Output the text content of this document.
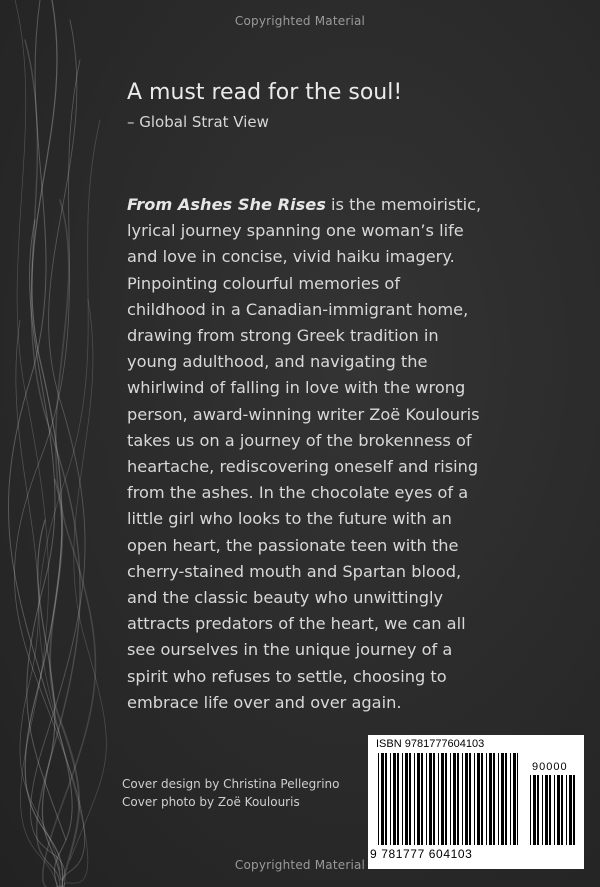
Copyrighted Material
A must read for the soul!
– Global Strat View
From Ashes She Rises is the memoiristic,
lyrical journey spanning one woman’s life
and love in concise, vivid haiku imagery.
Pinpointing colourful memories of
childhood in a Canadian-immigrant home,
drawing from strong Greek tradition in
young adulthood, and navigating the
whirlwind of falling in love with the wrong
person, award-winning writer Zoë Koulouris
takes us on a journey of the brokenness of
heartache, rediscovering oneself and rising
from the ashes. In the chocolate eyes of a
little girl who looks to the future with an
open heart, the passionate teen with the
cherry-stained mouth and Spartan blood,
and the classic beauty who unwittingly
attracts predators of the heart, we can all
see ourselves in the unique journey of a
spirit who refuses to settle, choosing to
embrace life over and over again.
Cover design by Christina Pellegrino
Cover photo by Zoë Koulouris
ISBN 9781777604103
90000
9 781777 604103
Copyrighted Material
